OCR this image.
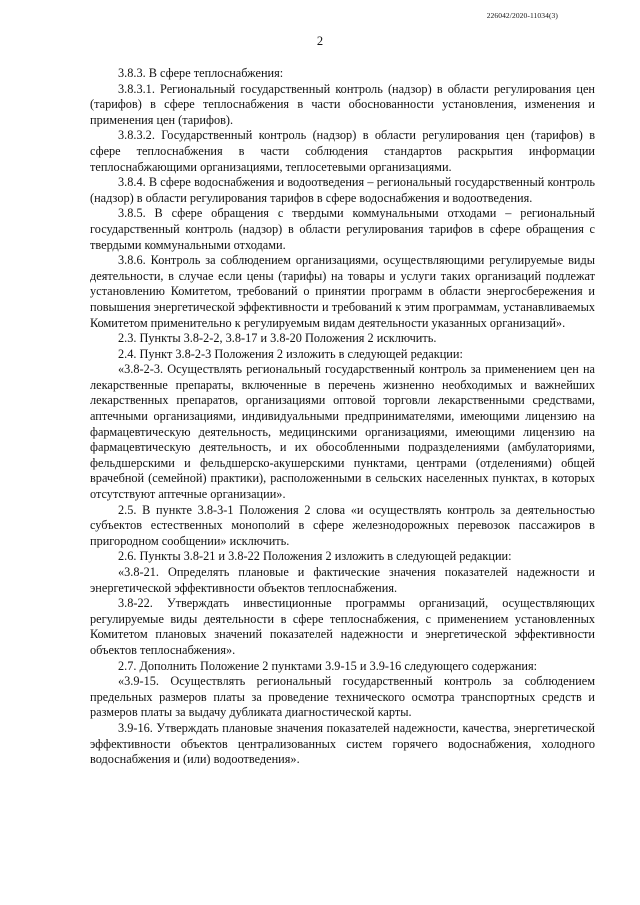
226042/2020-11034(3)
2

3.8.3. В сфере теплоснабжения:

3.8.3.1. Региональный государственный контроль (надзор) в области регулирования цен (тарифов) в сфере теплоснабжения в части обоснованности установления, изменения и применения цен (тарифов).

3.8.3.2. Государственный контроль (надзор) в области регулирования цен (тарифов) в сфере теплоснабжения в части соблюдения стандартов раскрытия информации теплоснабжающими организациями, теплосетевыми организациями.

3.8.4. В сфере водоснабжения и водоотведения – региональный государственный контроль (надзор) в области регулирования тарифов в сфере водоснабжения и водоотведения.

3.8.5. В сфере обращения с твердыми коммунальными отходами – региональный государственный контроль (надзор) в области регулирования тарифов в сфере обращения с твердыми коммунальными отходами.

3.8.6. Контроль за соблюдением организациями, осуществляющими регулируемые виды деятельности, в случае если цены (тарифы) на товары и услуги таких организаций подлежат установлению Комитетом, требований о принятии программ в области энергосбережения и повышения энергетической эффективности и требований к этим программам, устанавливаемых Комитетом применительно к регулируемым видам деятельности указанных организаций».

2.3. Пункты 3.8-2-2, 3.8-17 и 3.8-20 Положения 2 исключить.

2.4. Пункт 3.8-2-3 Положения 2 изложить в следующей редакции:

«3.8-2-3. Осуществлять региональный государственный контроль за применением цен на лекарственные препараты, включенные в перечень жизненно необходимых и важнейших лекарственных препаратов, организациями оптовой торговли лекарственными средствами, аптечными организациями, индивидуальными предпринимателями, имеющими лицензию на фармацевтическую деятельность, медицинскими организациями, имеющими лицензию на фармацевтическую деятельность, и их обособленными подразделениями (амбулаториями, фельдшерскими и фельдшерско-акушерскими пунктами, центрами (отделениями) общей врачебной (семейной) практики), расположенными в сельских населенных пунктах, в которых отсутствуют аптечные организации».

2.5. В пункте 3.8-3-1 Положения 2 слова «и осуществлять контроль за деятельностью субъектов естественных монополий в сфере железнодорожных перевозок пассажиров в пригородном сообщении» исключить.

2.6. Пункты 3.8-21 и 3.8-22 Положения 2 изложить в следующей редакции:

«3.8-21. Определять плановые и фактические значения показателей надежности и энергетической эффективности объектов теплоснабжения.

3.8-22. Утверждать инвестиционные программы организаций, осуществляющих регулируемые виды деятельности в сфере теплоснабжения, с применением установленных Комитетом плановых значений показателей надежности и энергетической эффективности объектов теплоснабжения».

2.7. Дополнить Положение 2 пунктами 3.9-15 и 3.9-16 следующего содержания:

«3.9-15. Осуществлять региональный государственный контроль за соблюдением предельных размеров платы за проведение технического осмотра транспортных средств и размеров платы за выдачу дубликата диагностической карты.

3.9-16. Утверждать плановые значения показателей надежности, качества, энергетической эффективности объектов централизованных систем горячего водоснабжения, холодного водоснабжения и (или) водоотведения».
